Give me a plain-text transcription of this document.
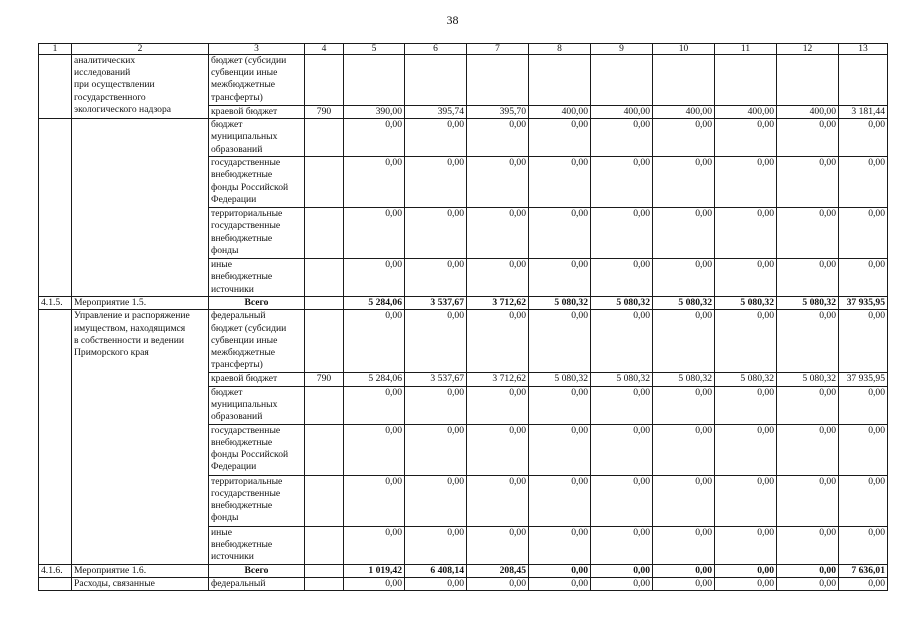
38
1	2	3	4	5	6	7	8	9	10	11	12	13

	аналитических
исследований
при осуществлении
государственного
экологического надзора	бюджет (субсидии
субвенции иные
межбюджетные
трансферты)										

		краевой бюджет	790	390,00	395,74	395,70	400,00	400,00	400,00	400,00	400,00	3 181,44

		бюджет
муниципальных
образований		0,00	0,00	0,00	0,00	0,00	0,00	0,00	0,00	0,00

		государственные
внебюджетные
фонды Российской
Федерации		0,00	0,00	0,00	0,00	0,00	0,00	0,00	0,00	0,00

		территориальные
государственные
внебюджетные
фонды		0,00	0,00	0,00	0,00	0,00	0,00	0,00	0,00	0,00

		иные
внебюджетные
источники		0,00	0,00	0,00	0,00	0,00	0,00	0,00	0,00	0,00
4.1.5.	Мероприятие 1.5.	Всего		5 284,06	3 537,67	3 712,62	5 080,32	5 080,32	5 080,32	5 080,32	5 080,32	37 935,95

	Управление и распоряжение
имуществом, находящимся
в собственности и ведении
Приморского края	федеральный
бюджет (субсидии
субвенции иные
межбюджетные
трансферты)		0,00	0,00	0,00	0,00	0,00	0,00	0,00	0,00	0,00

		краевой бюджет	790	5 284,06	3 537,67	3 712,62	5 080,32	5 080,32	5 080,32	5 080,32	5 080,32	37 935,95

		бюджет
муниципальных
образований		0,00	0,00	0,00	0,00	0,00	0,00	0,00	0,00	0,00

		государственные
внебюджетные
фонды Российской
Федерации		0,00	0,00	0,00	0,00	0,00	0,00	0,00	0,00	0,00

		территориальные
государственные
внебюджетные
фонды		0,00	0,00	0,00	0,00	0,00	0,00	0,00	0,00	0,00

		иные
внебюджетные
источники		0,00	0,00	0,00	0,00	0,00	0,00	0,00	0,00	0,00
4.1.6.	Мероприятие 1.6.	Всего		1 019,42	6 408,14	208,45	0,00	0,00	0,00	0,00	0,00	7 636,01

	Расходы, связанные	федеральный		0,00	0,00	0,00	0,00	0,00	0,00	0,00	0,00	0,00
